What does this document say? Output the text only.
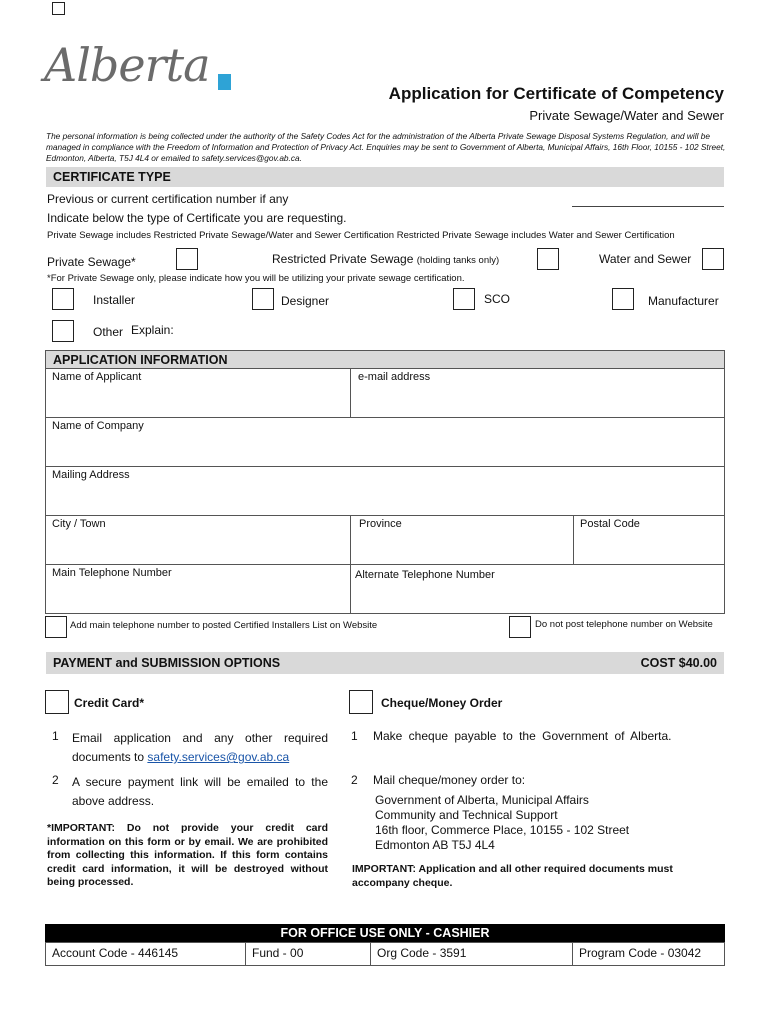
Alberta
Application for Certificate of Competency
Private Sewage/Water and Sewer
The personal information is being collected under the authority of the Safety Codes Act for the administration of the Alberta Private Sewage Disposal Systems Regulation, and will be managed in compliance with the Freedom of Information and Protection of Privacy Act. Enquiries may be sent to Government of Alberta, Municipal Affairs, 16th Floor, 10155 - 102 Street, Edmonton, Alberta, T5J 4L4 or emailed to safety.services@gov.ab.ca.
CERTIFICATE TYPE
Previous or current certification number if any
Indicate below the type of Certificate you are requesting.
Private Sewage includes Restricted Private Sewage/Water and Sewer Certification Restricted Private Sewage includes Water and Sewer Certification
Private Sewage*	Restricted Private Sewage (holding tanks only)	Water and Sewer
*For Private Sewage only, please indicate how you will be utilizing your private sewage certification.
Installer	Designer	SCO	Manufacturer
Other Explain:
APPLICATION INFORMATION
Name of Applicant	e-mail address
Name of Company
Mailing Address
City / Town	Province	Postal Code
Main Telephone Number	Alternate Telephone Number
Add main telephone number to posted Certified Installers List on Website	Do not post telephone number on Website
PAYMENT and SUBMISSION OPTIONS	COST $40.00
Credit Card*	Cheque/Money Order
1 Email application and any other required documents to safety.services@gov.ab.ca
2 A secure payment link will be emailed to the above address.
*IMPORTANT: Do not provide your credit card information on this form or by email. We are prohibited from collecting this information. If this form contains credit card information, it will be destroyed without being processed.
1 Make cheque payable to the Government of Alberta.
2 Mail cheque/money order to:
Government of Alberta, Municipal Affairs
Community and Technical Support
16th floor, Commerce Place, 10155 - 102 Street
Edmonton AB T5J 4L4
IMPORTANT: Application and all other required documents must accompany cheque.
FOR OFFICE USE ONLY - CASHIER
Account Code - 446145	Fund - 00	Org Code - 3591	Program Code - 03042
